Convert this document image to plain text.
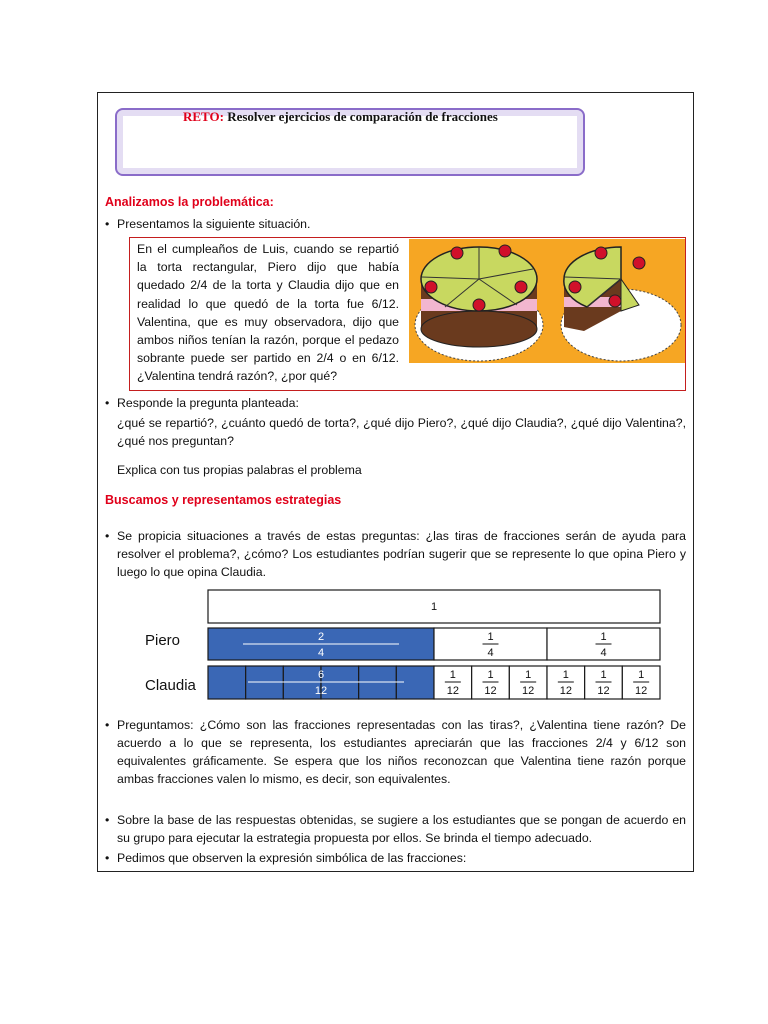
RETO: Resolver ejercicios de comparación de fracciones
Analizamos la problemática:
• Presentamos la siguiente situación.
En el cumpleaños de Luis, cuando se repartió la torta rectangular, Piero dijo que había quedado 2/4 de la torta y Claudia dijo que en realidad lo que quedó de la torta fue 6/12. Valentina, que es muy observadora, dijo que ambos niños tenían la razón, porque el pedazo sobrante puede ser partido en 2/4 o en 6/12. ¿Valentina tendrá razón?, ¿por qué?
• Responde la pregunta planteada:
¿qué se repartió?, ¿cuánto quedó de torta?, ¿qué dijo Piero?, ¿qué dijo Claudia?, ¿qué dijo Valentina?, ¿qué nos preguntan?
Explica con tus propias palabras el problema
Buscamos y representamos estrategias
• Se propicia situaciones a través de estas preguntas: ¿las tiras de fracciones serán de ayuda para resolver el problema?, ¿cómo? Los estudiantes podrían sugerir que se represente lo que opina Piero y luego lo que opina Claudia.
1
2
4
1
4
1
4
1
12
1
12
1
12
1
12
1
12
1
12
6
12
Piero
Claudia
• Preguntamos: ¿Cómo son las fracciones representadas con las tiras?, ¿Valentina tiene razón? De acuerdo a lo que se representa, los estudiantes apreciarán que las fracciones 2/4 y 6/12 son equivalentes gráficamente. Se espera que los niños reconozcan que Valentina tiene razón porque ambas fracciones valen lo mismo, es decir, son equivalentes.
• Sobre la base de las respuestas obtenidas, se sugiere a los estudiantes que se pongan de acuerdo en su grupo para ejecutar la estrategia propuesta por ellos. Se brinda el tiempo adecuado.
• Pedimos que observen la expresión simbólica de las fracciones:
